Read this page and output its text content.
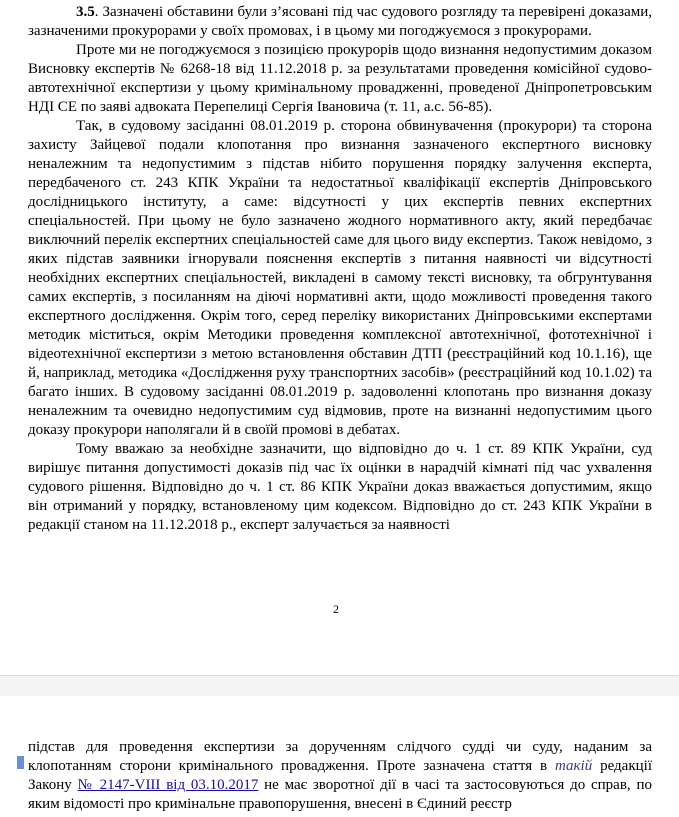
3.5. Зазначені обставини були з’ясовані під час судового розгляду та перевірені доказами, зазначеними прокурорами у своїх промовах, і в цьому ми погоджуємося з прокурорами.

Проте ми не погоджуємося з позицією прокурорів щодо визнання недопустимим доказом Висновку експертів № 6268-18 від 11.12.2018 р. за результатами проведення комісійної судово-автотехнічної експертизи у цьому кримінальному провадженні, проведеної Дніпропетровським НДІ СЕ по заяві адвоката Перепелиці Сергія Івановича (т. 11, а.с. 56-85).

Так, в судовому засіданні 08.01.2019 р. сторона обвинувачення (прокурори) та сторона захисту Зайцевої подали клопотання про визнання зазначеного експертного висновку неналежним та недопустимим з підстав нібито порушення порядку залучення експерта, передбаченого ст. 243 КПК України та недостатньої кваліфікації експертів Дніпровського дослідницького інституту, а саме: відсутності у цих експертів певних експертних спеціальностей. При цьому не було зазначено жодного нормативного акту, який передбачає виключний перелік експертних спеціальностей саме для цього виду експертиз. Також невідомо, з яких підстав заявники ігнорували пояснення експертів з питання наявності чи відсутності необхідних експертних спеціальностей, викладені в самому тексті висновку, та обгрунтування самих експертів, з посиланням на діючі нормативні акти, щодо можливості проведення такого експертного дослідження. Окрім того, серед переліку використаних Дніпровськими експертами методик міститься, окрім Методики проведення комплексної автотехнічної, фототехнічної і відеотехнічної експертизи з метою встановлення обставин ДТП (реєстраційний код 10.1.16), ще й, наприклад, методика «Дослідження руху транспортних засобів» (реєстраційний код 10.1.02) та багато інших. В судовому засіданні 08.01.2019 р. задоволенні клопотань про визнання доказу неналежним та очевидно недопустимим суд відмовив, проте на визнанні недопустимим цього доказу прокурори наполягали й в своїй промові в дебатах.

Тому вважаю за необхідне зазначити, що відповідно до ч. 1 ст. 89 КПК України, суд вирішує питання допустимості доказів під час їх оцінки в нарадчій кімнаті під час ухвалення судового рішення. Відповідно до ч. 1 ст. 86 КПК України доказ вважається допустимим, якщо він отриманий у порядку, встановленому цим кодексом. Відповідно до ст. 243 КПК України в редакції станом на 11.12.2018 р., експерт залучається за наявності

2

підстав для проведення експертизи за дорученням слідчого судді чи суду, наданим за клопотанням сторони кримінального провадження. Проте зазначена стаття в такій редакції Закону № 2147-VIII від 03.10.2017 не має зворотної дії в часі та застосовуються до справ, по яким відомості про кримінальне правопорушення, внесені в Єдиний реєстр
